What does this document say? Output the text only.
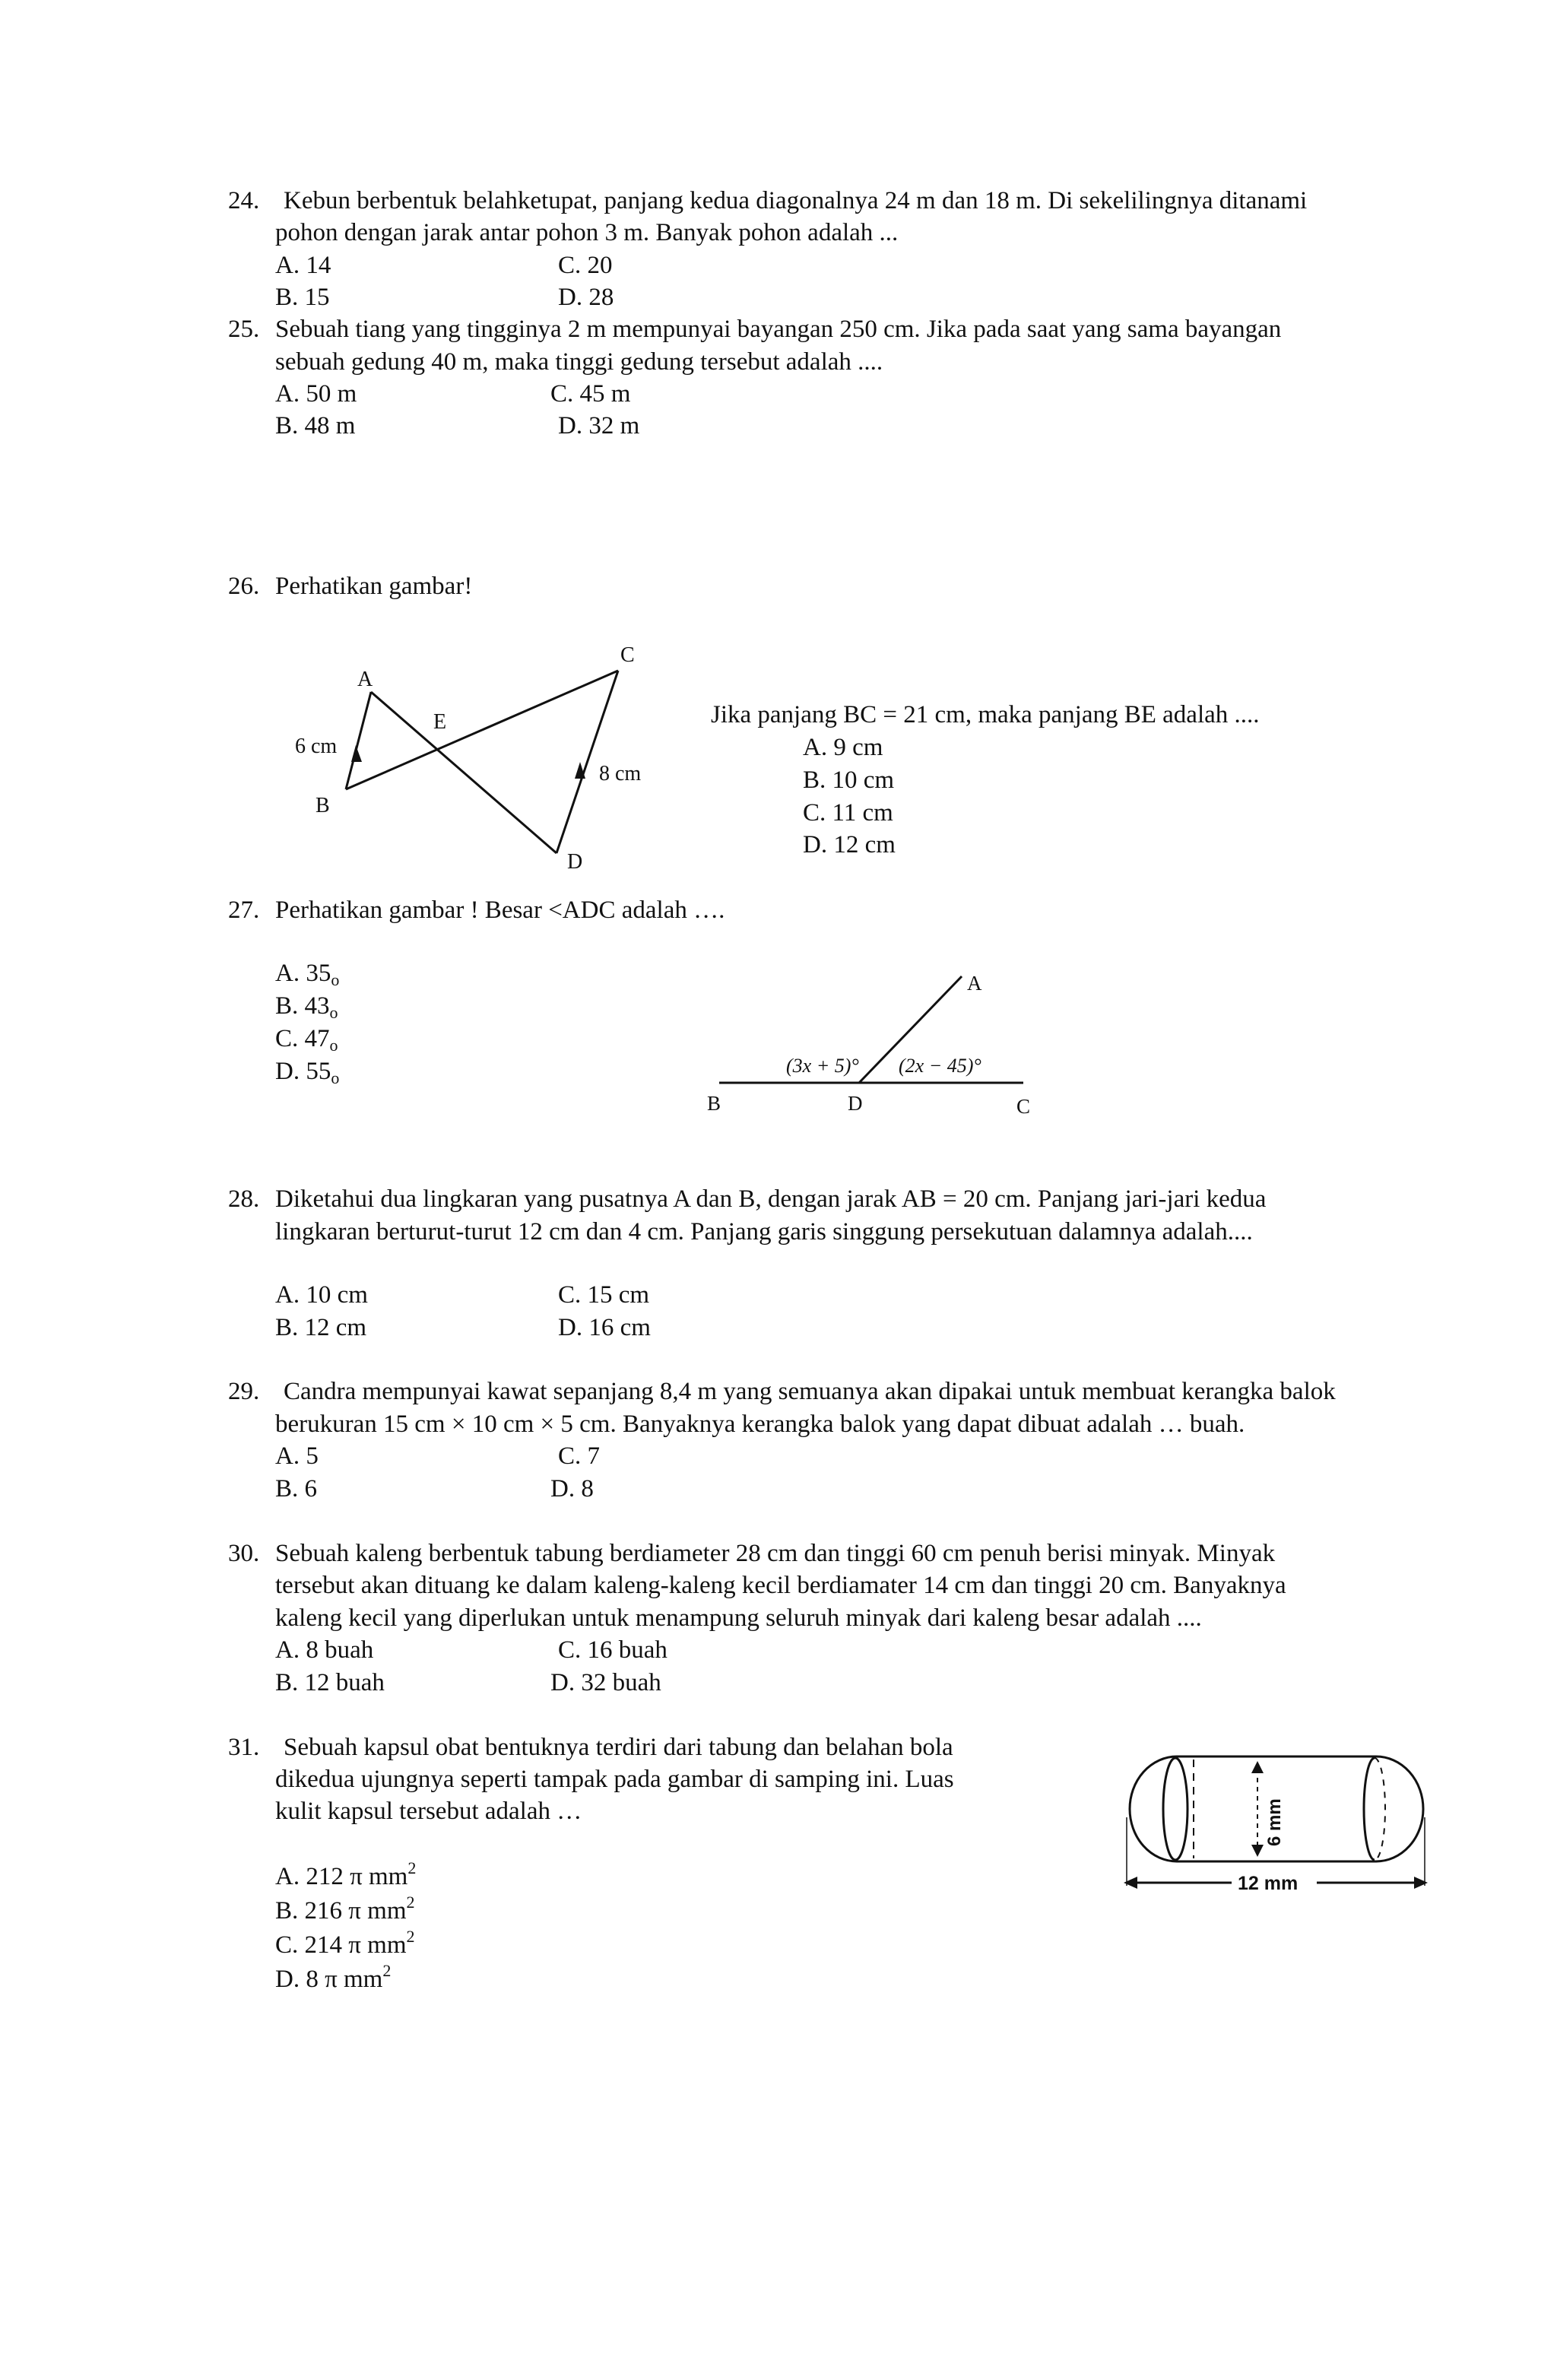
24. Kebun berbentuk belahketupat, panjang kedua diagonalnya 24 m dan 18 m. Di sekelilingnya ditanami
pohon dengan jarak antar pohon 3 m. Banyak pohon adalah ...
A. 14	C. 20
B. 15	D. 28
25. Sebuah tiang yang tingginya 2 m mempunyai bayangan 250 cm. Jika pada saat yang sama bayangan
sebuah gedung 40 m, maka tinggi gedung tersebut adalah ....
A. 50 m	C. 45 m
B. 48 m	D. 32 m
26. Perhatikan gambar!
A
B
C
D
E
6 cm
8 cm
Jika panjang BC = 21 cm, maka panjang BE adalah ....
A. 9 cm
B. 10 cm
C. 11 cm
D. 12 cm
27. Perhatikan gambar ! Besar <ADC adalah ….
A. 35o
B. 43o
C. 47o
D. 55o
A
B	D	C
(3x + 5)° (2x − 45)°
28. Diketahui dua lingkaran yang pusatnya A dan B, dengan jarak AB = 20 cm. Panjang jari-jari kedua
lingkaran berturut-turut 12 cm dan 4 cm. Panjang garis singgung persekutuan dalamnya adalah....
A. 10 cm	C. 15 cm
B. 12 cm	D. 16 cm
29. Candra mempunyai kawat sepanjang 8,4 m yang semuanya akan dipakai untuk membuat kerangka balok
berukuran 15 cm × 10 cm × 5 cm. Banyaknya kerangka balok yang dapat dibuat adalah … buah.
A. 5	C. 7
B. 6	D. 8
30. Sebuah kaleng berbentuk tabung berdiameter 28 cm dan tinggi 60 cm penuh berisi minyak. Minyak
tersebut akan dituang ke dalam kaleng-kaleng kecil berdiamater 14 cm dan tinggi 20 cm. Banyaknya
kaleng kecil yang diperlukan untuk menampung seluruh minyak dari kaleng besar adalah ....
A. 8 buah	C. 16 buah
B. 12 buah	D. 32 buah
31. Sebuah kapsul obat bentuknya terdiri dari tabung dan belahan bola
dikedua ujungnya seperti tampak pada gambar di samping ini. Luas
kulit kapsul tersebut adalah …
A. 212 π $mm^2$
B. 216 π $mm^2$
C. 214 π $mm^2$
D. 8 π $mm^2$
6 mm
12 mm
